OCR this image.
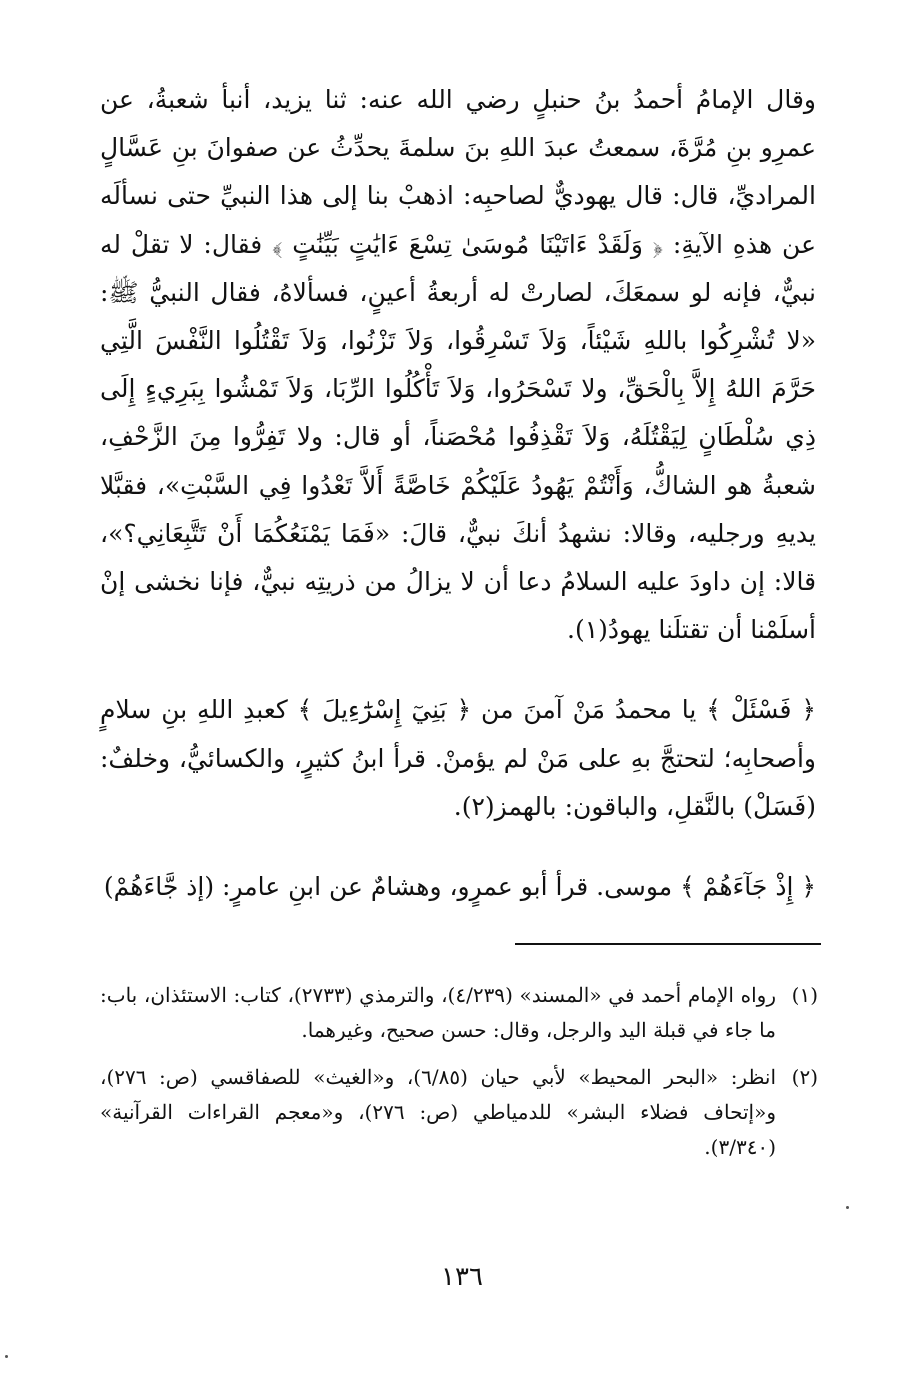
وقال الإمامُ أحمدُ بنُ حنبلٍ رضي الله عنه: ثنا يزيد، أنبأ شعبةُ، عن عمرِو بنِ مُرَّةَ، سمعتُ عبدَ اللهِ بنَ سلمةَ يحدِّثُ عن صفوانَ بنِ عَسَّالٍ المراديِّ، قال: قال يهوديٌّ لصاحبِه: اذهبْ بنا إلى هذا النبيِّ حتى نسألَه عن هذهِ الآيةِ: ﴿ وَلَقَدْ ءَاتَيْنَا مُوسَىٰ تِسْعَ ءَايَٰتٍ بَيِّنَٰتٍ ﴾ فقال: لا تقلْ له نبيٌّ، فإنه لو سمعَكَ، لصارتْ له أربعةُ أعينٍ، فسألاهُ، فقال النبيُّ ﷺ: «لا تُشْرِكُوا باللهِ شَيْئاً، وَلاَ تَسْرِقُوا، وَلاَ تَزْنُوا، وَلاَ تَقْتُلُوا النَّفْسَ الَّتِي حَرَّمَ اللهُ إِلاَّ بِالْحَقِّ، ولا تَسْحَرُوا، وَلاَ تَأْكُلُوا الرِّبَا، وَلاَ تَمْشُوا بِبَرِيءٍ إِلَى ذِي سُلْطَانٍ لِيَقْتُلَهُ، وَلاَ تَقْذِفُوا مُحْصَناً، أو قال: ولا تَفِرُّوا مِنَ الزَّحْفِ، شعبةُ هو الشاكُّ، وَأَنْتُمْ يَهُودُ عَلَيْكُمْ خَاصَّةً أَلاَّ تَعْدُوا فِي السَّبْتِ»، فقبَّلا يديهِ ورجليه، وقالا: نشهدُ أنكَ نبيٌّ، قالَ: «فَمَا يَمْنَعُكُمَا أَنْ تَتَّبِعَانِي؟»، قالا: إن داودَ عليه السلامُ دعا أن لا يزالُ من ذريتِه نبيٌّ، فإنا نخشى إنْ أسلَمْنا أن تقتلَنا يهودُ(١).

﴿ فَسْئَلْ ﴾ يا محمدُ مَنْ آمنَ من ﴿ بَنِيٓ إِسْرَٰٓءِيلَ ﴾ كعبدِ اللهِ بنِ سلامٍ وأصحابِه؛ لتحتجَّ بهِ على مَنْ لم يؤمنْ. قرأ ابنُ كثيرٍ، والكسائيُّ، وخلفٌ: (فَسَلْ) بالنَّقلِ، والباقون: بالهمز(٢).

﴿ إِذْ جَآءَهُمْ ﴾ موسى. قرأ أبو عمرٍو، وهشامٌ عن ابنِ عامرٍ: (إذ جَّاءَهُمْ)

(١)
رواه الإمام أحمد في «المسند» (٤/٢٣٩)، والترمذي (٢٧٣٣)، كتاب: الاستئذان، باب: ما جاء في قبلة اليد والرجل، وقال: حسن صحيح، وغيرهما.
(٢)
انظر: «البحر المحيط» لأبي حيان (٦/٨٥)، و«الغيث» للصفاقسي (ص: ٢٧٦)، و«إتحاف فضلاء البشر» للدمياطي (ص: ٢٧٦)، و«معجم القراءات القرآنية» (٣/٣٤٠).
١٣٦
